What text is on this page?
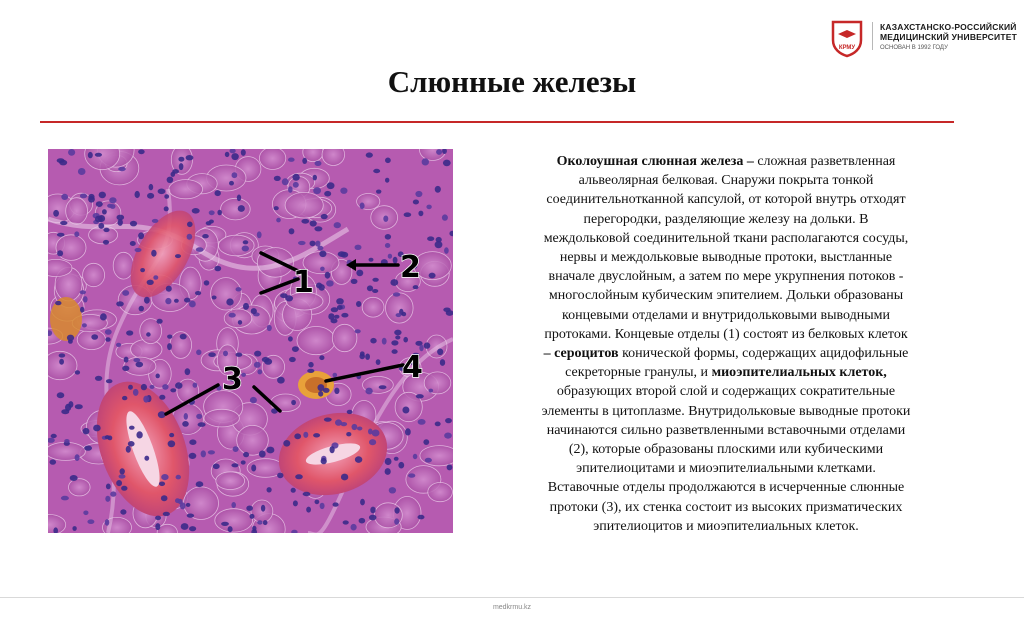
КРМУ
КАЗАХСТАНСКО-РОССИЙСКИЙ
МЕДИЦИНСКИЙ УНИВЕРСИТЕТ
ОСНОВАН В 1992 ГОДУ
Слюнные железы
1	2
3	4
Околоушная слюнная железа – сложная разветвленная
альвеолярная белковая. Снаружи покрыта тонкой
соединительнотканной капсулой, от которой внутрь отходят
перегородки, разделяющие железу на дольки. В
междольковой соединительной ткани располагаются сосуды,
нервы и междольковые выводные протоки, выстланные
вначале двуслойным, а затем по мере укрупнения потоков -
многослойным кубическим эпителием. Дольки образованы
концевыми отделами и внутридольковыми выводными
протоками. Концевые отделы (1) состоят из белковых клеток
– сероцитов конической формы, содержащих ацидофильные
секреторные гранулы, и миоэпителиальных клеток,
образующих второй слой и содержащих сократительные
элементы в цитоплазме. Внутридольковые выводные протоки
начинаются сильно разветвленными вставочными отделами
(2), которые образованы плоскими или кубическими
эпителиоцитами и миоэпителиальными клетками.
Вставочные отделы продолжаются в исчерченные слюнные
протоки (3), их стенка состоит из высоких призматических
эпителиоцитов и миоэпителиальных клеток.
medkrmu.kz
